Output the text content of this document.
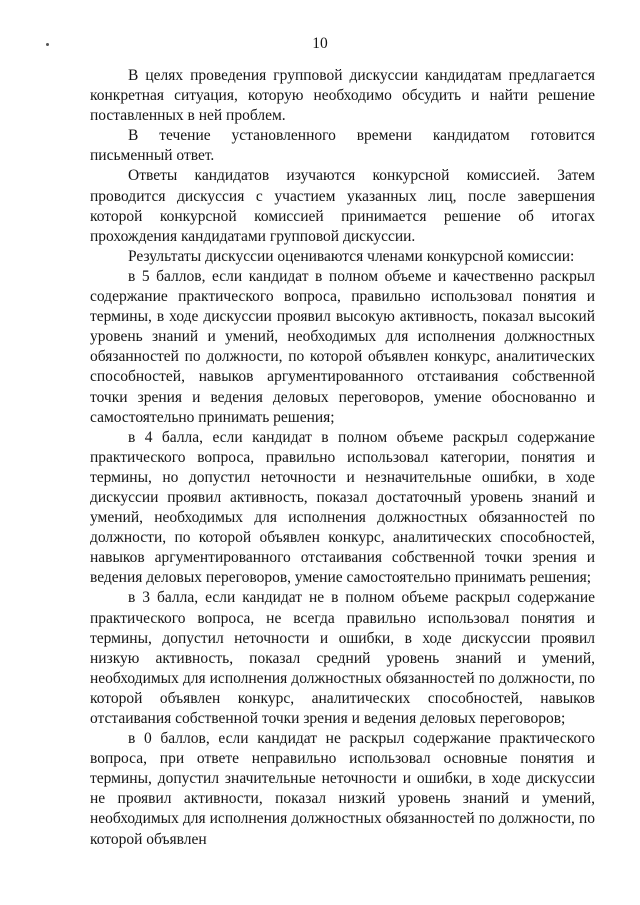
10

В целях проведения групповой дискуссии кандидатам предлагается конкретная ситуация, которую необходимо обсудить и найти решение поставленных в ней проблем.

В течение установленного времени кандидатом готовится письменный ответ.

Ответы кандидатов изучаются конкурсной комиссией. Затем проводится дискуссия с участием указанных лиц, после завершения которой конкурсной комиссией принимается решение об итогах прохождения кандидатами групповой дискуссии.

Результаты дискуссии оцениваются членами конкурсной комиссии:

в 5 баллов, если кандидат в полном объеме и качественно раскрыл содержание практического вопроса, правильно использовал понятия и термины, в ходе дискуссии проявил высокую активность, показал высокий уровень знаний и умений, необходимых для исполнения должностных обязанностей по должности, по которой объявлен конкурс, аналитических способностей, навыков аргументированного отстаивания собственной точки зрения и ведения деловых переговоров, умение обоснованно и самостоятельно принимать решения;

в 4 балла, если кандидат в полном объеме раскрыл содержание практического вопроса, правильно использовал категории, понятия и термины, но допустил неточности и незначительные ошибки, в ходе дискуссии проявил активность, показал достаточный уровень знаний и умений, необходимых для исполнения должностных обязанностей по должности, по которой объявлен конкурс, аналитических способностей, навыков аргументированного отстаивания собственной точки зрения и ведения деловых переговоров, умение самостоятельно принимать решения;

в 3 балла, если кандидат не в полном объеме раскрыл содержание практического вопроса, не всегда правильно использовал понятия и термины, допустил неточности и ошибки, в ходе дискуссии проявил низкую активность, показал средний уровень знаний и умений, необходимых для исполнения должностных обязанностей по должности, по которой объявлен конкурс, аналитических способностей, навыков отстаивания собственной точки зрения и ведения деловых переговоров;

в 0 баллов, если кандидат не раскрыл содержание практического вопроса, при ответе неправильно использовал основные понятия и термины, допустил значительные неточности и ошибки, в ходе дискуссии не проявил активности, показал низкий уровень знаний и умений, необходимых для исполнения должностных обязанностей по должности, по которой объявлен
